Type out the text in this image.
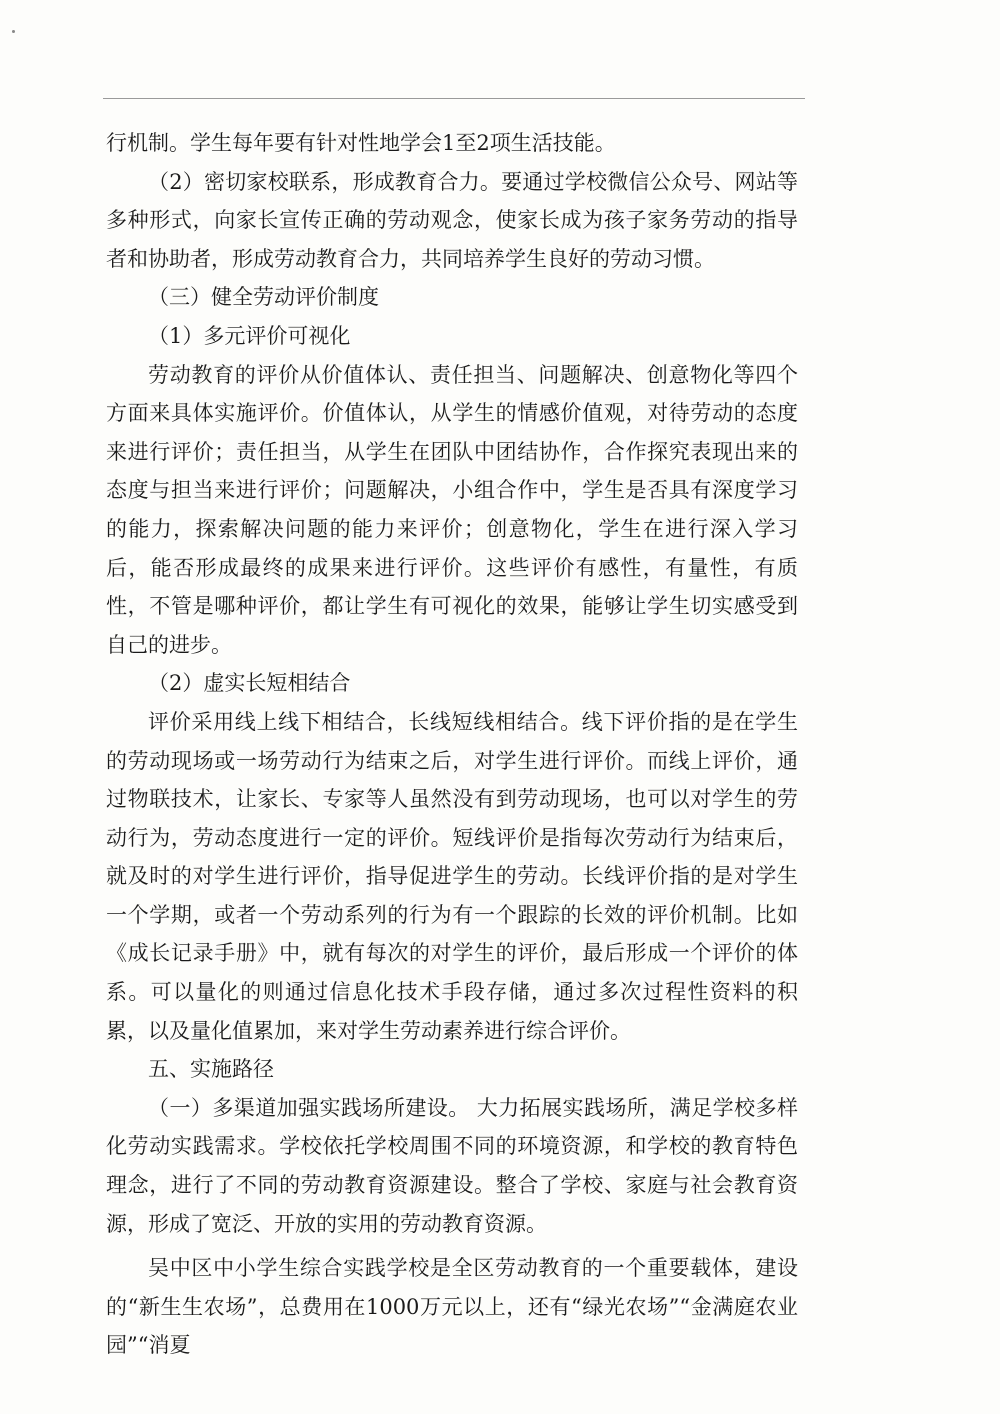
行机制。学生每年要有针对性地学会1至2项生活技能。

（2）密切家校联系，形成教育合力。要通过学校微信公众号、网站等多种形式，向家长宣传正确的劳动观念，使家长成为孩子家务劳动的指导者和协助者，形成劳动教育合力，共同培养学生良好的劳动习惯。

（三）健全劳动评价制度

（1）多元评价可视化

劳动教育的评价从价值体认、责任担当、问题解决、创意物化等四个方面来具体实施评价。价值体认，从学生的情感价值观，对待劳动的态度来进行评价；责任担当，从学生在团队中团结协作，合作探究表现出来的态度与担当来进行评价；问题解决，小组合作中，学生是否具有深度学习的能力，探索解决问题的能力来评价；创意物化，学生在进行深入学习后，能否形成最终的成果来进行评价。这些评价有感性，有量性，有质性，不管是哪种评价，都让学生有可视化的效果，能够让学生切实感受到自己的进步。

（2）虚实长短相结合

评价采用线上线下相结合，长线短线相结合。线下评价指的是在学生的劳动现场或一场劳动行为结束之后，对学生进行评价。而线上评价，通过物联技术，让家长、专家等人虽然没有到劳动现场，也可以对学生的劳动行为，劳动态度进行一定的评价。短线评价是指每次劳动行为结束后，就及时的对学生进行评价，指导促进学生的劳动。长线评价指的是对学生一个学期，或者一个劳动系列的行为有一个跟踪的长效的评价机制。比如《成长记录手册》中，就有每次的对学生的评价，最后形成一个评价的体系。可以量化的则通过信息化技术手段存储，通过多次过程性资料的积累，以及量化值累加，来对学生劳动素养进行综合评价。

五、实施路径

（一）多渠道加强实践场所建设。 大力拓展实践场所，满足学校多样化劳动实践需求。学校依托学校周围不同的环境资源，和学校的教育特色理念，进行了不同的劳动教育资源建设。整合了学校、家庭与社会教育资源，形成了宽泛、开放的实用的劳动教育资源。

吴中区中小学生综合实践学校是全区劳动教育的一个重要载体，建设的“新生生农场”，总费用在1000万元以上，还有“绿光农场”“金满庭农业园”“消夏
